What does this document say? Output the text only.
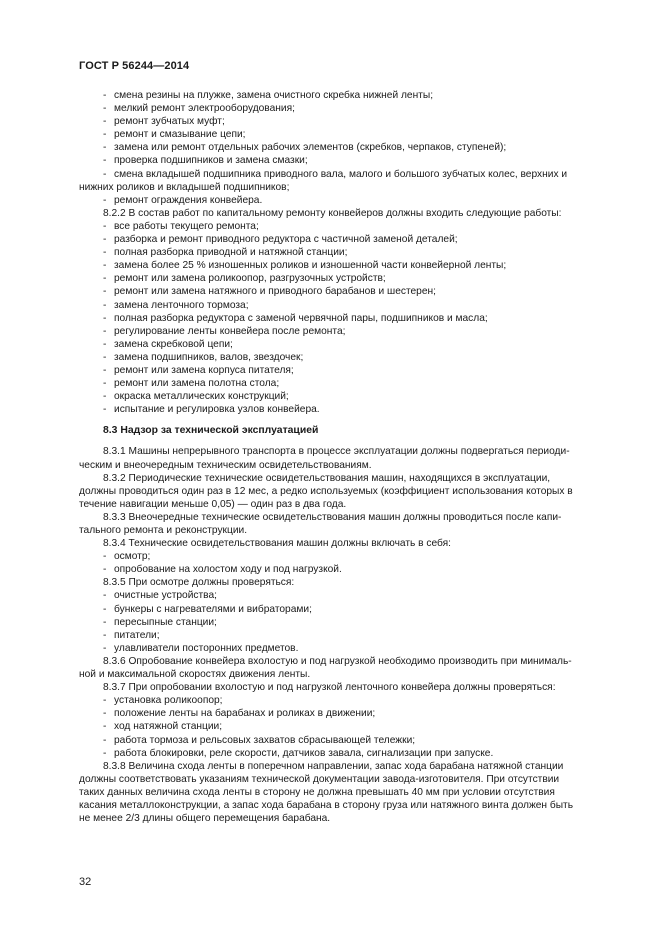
ГОСТ Р 56244—2014

- смена резины на плужке, замена очистного скребка нижней ленты;

- мелкий ремонт электрооборудования;

- ремонт зубчатых муфт;

- ремонт и смазывание цепи;

- замена или ремонт отдельных рабочих элементов (скребков, черпаков, ступеней);

- проверка подшипников и замена смазки;

- смена вкладышей подшипника приводного вала, малого и большого зубчатых колес, верхних и

нижних роликов и вкладышей подшипников;

- ремонт ограждения конвейера.

8.2.2 В состав работ по капитальному ремонту конвейеров должны входить следующие работы:

- все работы текущего ремонта;

- разборка и ремонт приводного редуктора с частичной заменой деталей;

- полная разборка приводной и натяжной станции;

- замена более 25 % изношенных роликов и изношенной части конвейерной ленты;

- ремонт или замена роликоопор, разгрузочных устройств;

- ремонт или замена натяжного и приводного барабанов и шестерен;

- замена ленточного тормоза;

- полная разборка редуктора с заменой червячной пары, подшипников и масла;

- регулирование ленты конвейера после ремонта;

- замена скребковой цепи;

- замена подшипников, валов, звездочек;

- ремонт или замена корпуса питателя;

- ремонт или замена полотна стола;

- окраска металлических конструкций;

- испытание и регулировка узлов конвейера.

8.3 Надзор за технической эксплуатацией

8.3.1 Машины непрерывного транспорта в процессе эксплуатации должны подвергаться периоди-

ческим и внеочередным техническим освидетельствованиям.

8.3.2 Периодические технические освидетельствования машин, находящихся в эксплуатации,

должны проводиться один раз в 12 мес, а редко используемых (коэффициент использования которых в

течение навигации меньше 0,05) — один раз в два года.

8.3.3 Внеочередные технические освидетельствования машин должны проводиться после капи-

тального ремонта и реконструкции.

8.3.4 Технические освидетельствования машин должны включать в себя:

- осмотр;

- опробование на холостом ходу и под нагрузкой.

8.3.5 При осмотре должны проверяться:

- очистные устройства;

- бункеры с нагревателями и вибраторами;

- пересыпные станции;

- питатели;

- улавливатели посторонних предметов.

8.3.6 Опробование конвейера вхолостую и под нагрузкой необходимо производить при минималь-

ной и максимальной скоростях движения ленты.

8.3.7 При опробовании вхолостую и под нагрузкой ленточного конвейера должны проверяться:

- установка роликоопор;

- положение ленты на барабанах и роликах в движении;

- ход натяжной станции;

- работа тормоза и рельсовых захватов сбрасывающей тележки;

- работа блокировки, реле скорости, датчиков завала, сигнализации при запуске.

8.3.8 Величина схода ленты в поперечном направлении, запас хода барабана натяжной станции

должны соответствовать указаниям технической документации завода-изготовителя. При отсутствии

таких данных величина схода ленты в сторону не должна превышать 40 мм при условии отсутствия

касания металлоконструкции, а запас хода барабана в сторону груза или натяжного винта должен быть

не менее 2/3 длины общего перемещения барабана.

32
